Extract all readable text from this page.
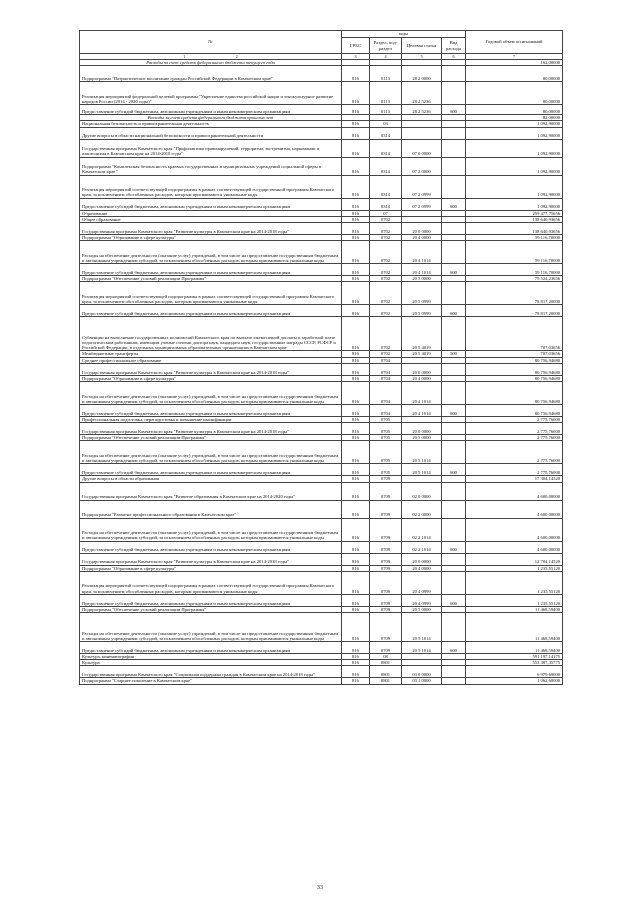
№	коды				Годовой объем ассигнований
	ГРБС	Раздел, под-раздел	Целевая статья	Вид расхода	
1 2	3	4	5	6	7
Расходы за счет средств федерального бюджета текущего года					162,00000
Подпрограмма "Патриотическое воспитание граждан Российской Федерации в Камчатском крае"	816	0113	28 2 0000		80,00000
Реализация мероприятий федеральной целевой программы "Укрепление единства российской нации и этнокультурное развитие народов России (2014 - 2020 годы)"	816	0113	28 2 5236		80,00000
Предоставление субсидий бюджетным, автономным учреждениям и иным некоммерческим организациям	816	0113	28 2 5236	600	80,00000
Расходы за счет средств федерального бюджета прошлых лет					82,00000
Национальная безопасность и правоохранительная деятельность	816	03			1 092,90000
Другие вопросы в области национальной безопасности и правоохранительной деятельности	816	0314			1 092,90000
Государственная программа Камчатского края "Профилактика правонарушений, терроризма, экстремизма, наркомании и алкоголизма в Камчатском крае на 2014-2018 годы"	816	0314	07 0 0000		1 092,90000
Подпрограмма "Комплексная безопасность краевых государственных и муниципальных учреждений социальной сферы в Камчатском крае "	816	0314	07 2 0000		1 092,90000
Реализация мероприятий соответствующей подпрограммы в рамках соответствующей государственной программы Камчатского края, за исключением обособленных расходов, которым присваиваются уникальные коды	816	0314	07 2 0999		1 092,90000
Предоставление субсидий бюджетным, автономным учреждениям и иным некоммерческим организациям	816	0314	07 2 0999	600	1 092,90000
Образование	816	07			259 477,75656
Общее образование	816	0702			138 640,93656
Государственная программа Камчатского края "Развитие культуры в Камчатском крае на 2014-2018 годы"	816	0702	20 0 0000		138 640,93656
Подпрограмма "Образование в сфере культуры"	816	0702	20 4 0000		59 116,70000
Расходы на обеспечение деятельности (оказание услуг) учреждений, в том числе на предоставление государственным бюджетным и автономным учреждениям субсидий, за исключением обособленных расходов, которым присваиваются уникальные коды	816	0702	20 4 1014		59 116,70000
Предоставление субсидий бюджетным, автономным учреждениям и иным некоммерческим организациям	816	0702	20 4 1014	600	59 116,70000
Подпрограмма "Обеспечение условий реализации Программы"	816	0702	20 5 0000		79 524,23656
Реализация мероприятий соответствующей подпрограммы в рамках соответствующей государственной программы Камчатского края, за исключением обособленных расходов, которым присваиваются уникальные коды	816	0702	20 5 0999		78 817,20000
Предоставление субсидий бюджетным, автономным учреждениям и иным некоммерческим организациям	816	0702	20 5 0999	600	78 817,20000
Субвенции на выполнение государственных полномочий Камчатского края по выплате ежемесячной доплаты к заработной плате педагогическим работникам, имеющим ученые степени доктора наук, кандидата наук, государственные награды СССР, РСФСР и Российской Федерации, в отдельных муниципальных образовательных организациях в Камчатском крае	816	0702	20 5 4019		707,03656
Межбюджетные трансферты	816	0702	20 5 4019	500	707,03656
Среднее профессиональное образование	816	0704			80 756,94680
Государственная программа Камчатского края "Развитие культуры в Камчатском крае на 2014-2018 годы"	816	0704	20 0 0000		80 756,94680
Подпрограмма "Образование в сфере культуры"	816	0704	20 4 0000		80 756,94680
Расходы на обеспечение деятельности (оказание услуг) учреждений, в том числе на предоставление государственным бюджетным и автономным учреждениям субсидий, за исключением обособленных расходов, которым присваиваются уникальные коды	816	0704	20 4 1014		80 756,94680
Предоставление субсидий бюджетным, автономным учреждениям и иным некоммерческим организациям	816	0704	20 4 1014	600	80 756,94680
Профессиональная подготовка, переподготовка и повышение квалификации	816	0705			2 775,76000
Государственная программа Камчатского края "Развитие культуры в Камчатском крае на 2014-2018 годы"	816	0705	20 0 0000		2 775,76000
Подпрограмма "Обеспечение условий реализации Программы"	816	0705	20 5 0000		2 775,76000
Расходы на обеспечение деятельности (оказание услуг) учреждений, в том числе на предоставление государственным бюджетным и автономным учреждениям субсидий, за исключением обособленных расходов, которым присваиваются уникальные коды	816	0705	20 5 1014		2 775,76000
Предоставление субсидий бюджетным, автономным учреждениям и иным некоммерческим организациям	816	0705	20 5 1014	600	2 775,76000
Другие вопросы в области образования	816	0709			17 304,14520
Государственная программа Камчатского края "Развитие образования в Камчатском крае на 2014-2020 годы"	816	0709	02 0 0000		4 600,00000
Подпрограмма "Развитие профессионального образования в Камчатском крае"	816	0709	02 2 0000		4 600,00000
Расходы на обеспечение деятельности (оказание услуг) учреждений, в том числе на предоставление государственным бюджетным и автономным учреждениям субсидий, за исключением обособленных расходов, которым присваиваются уникальные коды	816	0709	02 2 1014		4 600,00000
Предоставление субсидий бюджетным, автономным учреждениям и иным некоммерческим организациям	816	0709	02 2 1014	600	4 600,00000
Государственная программа Камчатского края "Развитие культуры в Камчатском крае на 2014-2018 годы"	816	0709	20 0 0000		12 704,14520
Подпрограмма "Образование в сфере культуры"	816	0709	20 4 0000		1 235,55120
Реализация мероприятий соответствующей подпрограммы в рамках соответствующей государственной программы Камчатского края, за исключением обособленных расходов, которым присваиваются уникальные коды	816	0709	20 4 0999		1 235,55120
Предоставление субсидий бюджетным, автономным учреждениям и иным некоммерческим организациям	816	0709	20 4 0999	600	1 235,55120
Подпрограмма "Обеспечение условий реализации Программы"	816	0709	20 5 0000		11 468,59400
Расходы на обеспечение деятельности (оказание услуг) учреждений, в том числе на предоставление государственным бюджетным и автономным учреждениям субсидий, за исключением обособленных расходов, которым присваиваются уникальные коды	816	0709	20 5 1014		11 468,59400
Предоставление субсидий бюджетным, автономным учреждениям и иным некоммерческим организациям	816	0709	20 5 1014	600	11 468,59400
Культура, кинематография	816	08			591 197,14175
Культура	816	0801			553 387,35775
Государственная программа Камчатского края "Социальная поддержка граждан в Камчатском крае на 2014-2018 годы"	816	0801	03 0 0000		6 979,69000
Подпрограмма "Старшее поколение в Камчатском крае"	816	0801	03 1 0000		1 062,60000
33
